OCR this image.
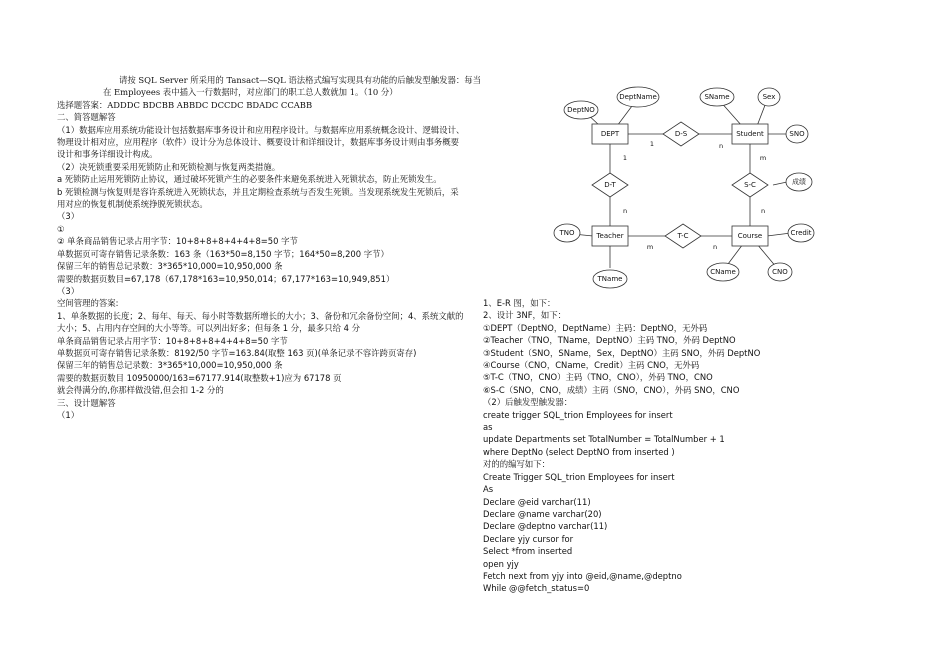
请按 SQL Server 所采用的 Tansact—SQL 语法格式编写实现具有功能的后触发型触发器：每当
在 Employees 表中插入一行数据时，对应部门的职工总人数就加 1。（10 分）
选择题答案：ADDDC BDCBB ABBDC DCCDC BDADC CCABB
二、简答题解答
（1）数据库应用系统功能设计包括数据库事务设计和应用程序设计。与数据库应用系统概念设计、逻辑设计、
物理设计相对应，应用程序（软件）设计分为总体设计、概要设计和详细设计，数据库事务设计则由事务概要
设计和事务详细设计构成。
（2）决死锁重要采用死锁防止和死锁检测与恢复两类措施。
a 死锁防止运用死锁防止协议，通过破坏死锁产生的必要条件来避免系统进入死锁状态，防止死锁发生。
b 死锁检测与恢复则是容许系统进入死锁状态，并且定期检查系统与否发生死锁。当发现系统发生死锁后，采
用对应的恢复机制使系统挣脱死锁状态。
（3）
①
② 单条商品销售记录占用字节：10+8+8+8+4+4+8=50 字节
单数据页可寄存销售记录条数：163 条（163*50=8,150 字节；164*50=8,200 字节）
保留三年的销售总记录数：3*365*10,000=10,950,000 条
需要的数据页数目=67,178（67,178*163=10,950,014；67,177*163=10,949,851）
（3）
空间管理的答案:
1、单条数据的长度；2、每年、每天、每小时等数据所增长的大小；3、备份和冗余备份空间；4、系统文献的
大小；5、占用内存空间的大小等等。可以列出好多；但每条 1 分，最多只给 4 分
单条商品销售记录占用字节：10+8+8+8+4+4+8=50 字节
单数据页可寄存销售记录条数：8192/50 字节=163.84(取整 163 页)(单条记录不容许跨页寄存)
保留三年的销售总记录数：3*365*10,000=10,950,000 条
需要的数据页数目 10950000/163=67177.914(取整数+1)应为 67178 页
就会得满分的,你那样做没错,但会扣 1-2 分的
三、设计题解答
（1）
DEPT	Student
Teacher	Course
D-S
D-T	S-C
T-C
DeptNO
DeptName	SName	Sex
SNO
成绩
TNO
TName
Credit
CName	CNO
1	n
1
n
m
n
m	n
1、E-R 图，如下：
2、设计 3NF，如下：
①DEPT（DeptNO，DeptName）主码：DeptNO，无外码
②Teacher（TNO，TName，DeptNO）主码 TNO，外码 DeptNO
③Student（SNO，SName，Sex，DeptNO）主码 SNO，外码 DeptNO
④Course（CNO，CName，Credit）主码 CNO，无外码
⑤T-C（TNO，CNO）主码（TNO，CNO），外码 TNO，CNO
⑥S-C（SNO，CNO，成绩）主码（SNO，CNO），外码 SNO，CNO
（2）后触发型触发器：
create trigger SQL_trion Employees for insert
as
update Departments set TotalNumber = TotalNumber + 1
where DeptNo (select DeptNO from inserted )
对的的编写如下：
Create Trigger SQL_trion Employees for insert
As
Declare @eid varchar(11)
Declare @name varchar(20)
Declare @deptno varchar(11)
Declare yjy cursor for
Select *from inserted
open yjy
Fetch next from yjy into @eid,@name,@deptno
While @@fetch_status=0
